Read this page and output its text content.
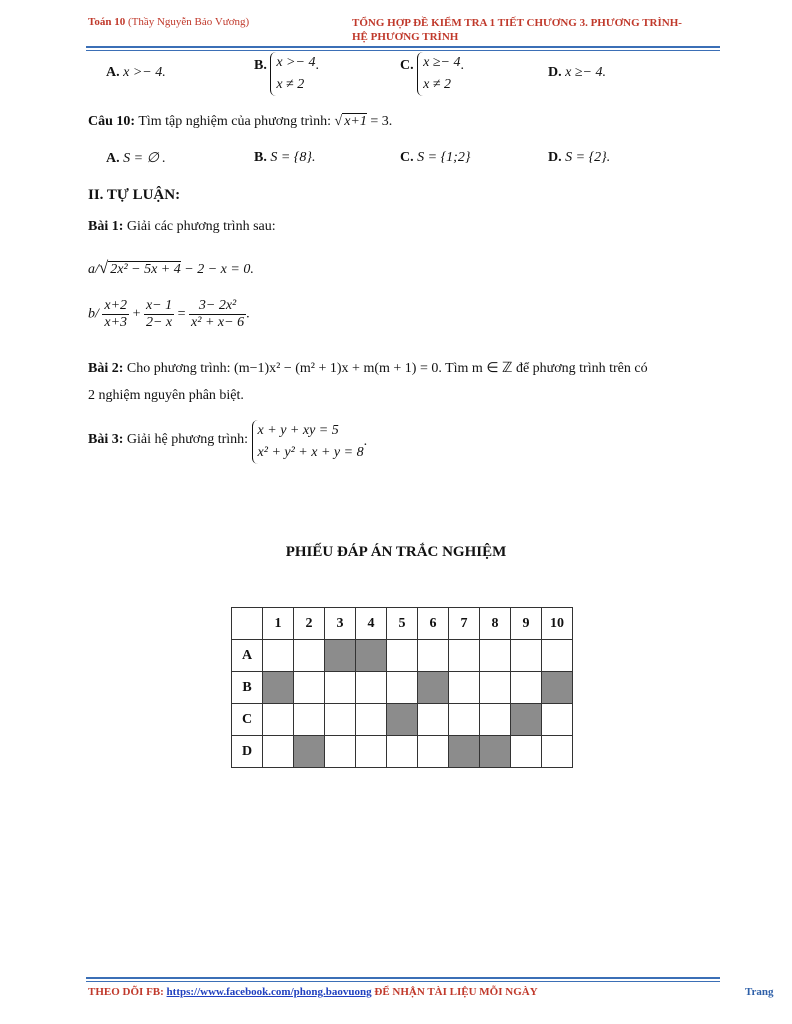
Toán 10 (Thầy Nguyễn Bảo Vương)	TỔNG HỢP ĐỀ KIỂM TRA 1 TIẾT CHƯƠNG 3. PHƯƠNG TRÌNH-
HỆ PHƯƠNG TRÌNH
A. x >− 4.	B. x >− 4
x ≠ 2.	C. x ≥− 4
x ≠ 2.	D. x ≥− 4.
Câu 10: Tìm tập nghiệm của phương trình: √ x+1 = 3.
A. S = ∅ .	B. S = {8}.	C. S = {1;2}	D. S = {2}.
II. TỰ LUẬN:
Bài 1: Giải các phương trình sau:
a/√ 2x² − 5x + 4 − 2 − x = 0.
$b/ \frac{x+2}{x+3} + \frac{x- 1}{2- x} = \frac{\text{3− 2x²}}{\text{x² + x− 6}}$ .
Bài 2: Cho phương trình: (m−1)x² − (m² + 1)x + m(m + 1) = 0. Tìm m ∈ ℤ để phương trình trên có
2 nghiệm nguyên phân biệt.
Bài 3: Giải hệ phương trình: x + y + xy = 5
x² + y² + x + y = 8.
PHIẾU ĐÁP ÁN TRẮC NGHIỆM
	1	2	3	4	5	6	7	8	9	10
A										
B										
C										
D										
THEO DÕI FB: https://www.facebook.com/phong.baovuong ĐỂ NHẬN TÀI LIỆU MỖI NGÀY	Trang
